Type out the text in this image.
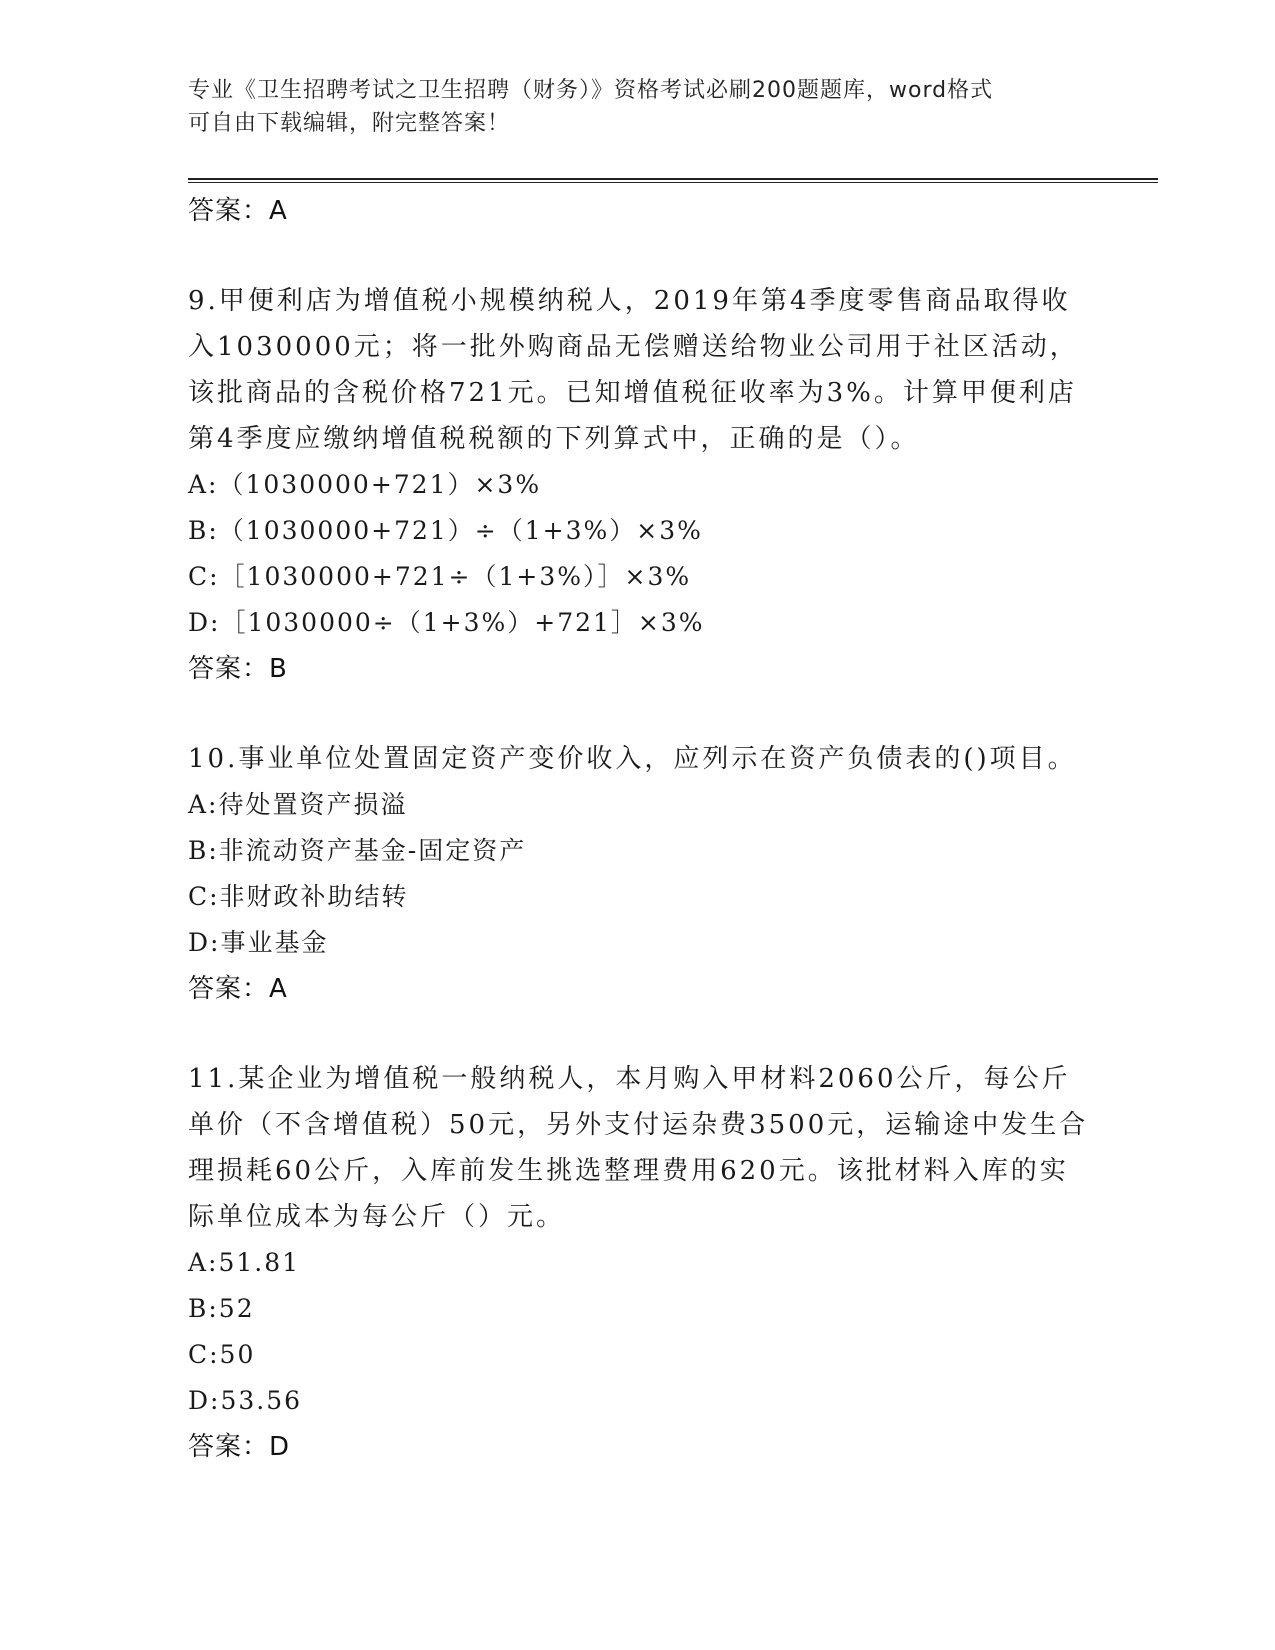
专业《卫生招聘考试之卫生招聘（财务）》资格考试必刷200题题库，word格式
可自由下载编辑，附完整答案！
答案：A
9.甲便利店为增值税小规模纳税人，2019年第4季度零售商品取得收
入1030000元；将一批外购商品无偿赠送给物业公司用于社区活动，
该批商品的含税价格721元。已知增值税征收率为3%。计算甲便利店
第4季度应缴纳增值税税额的下列算式中，正确的是（）。
A:（1030000+721）×3%
B:（1030000+721）÷（1+3%）×3%
C:［1030000+721÷（1+3%）］×3%
D:［1030000÷（1+3%）+721］×3%
答案：B
10.事业单位处置固定资产变价收入，应列示在资产负债表的()项目。
A:待处置资产损溢
B:非流动资产基金-固定资产
C:非财政补助结转
D:事业基金
答案：A
11.某企业为增值税一般纳税人，本月购入甲材料2060公斤，每公斤
单价（不含增值税）50元，另外支付运杂费3500元，运输途中发生合
理损耗60公斤，入库前发生挑选整理费用620元。该批材料入库的实
际单位成本为每公斤（）元。
A:51.81
B:52
C:50
D:53.56
答案：D
